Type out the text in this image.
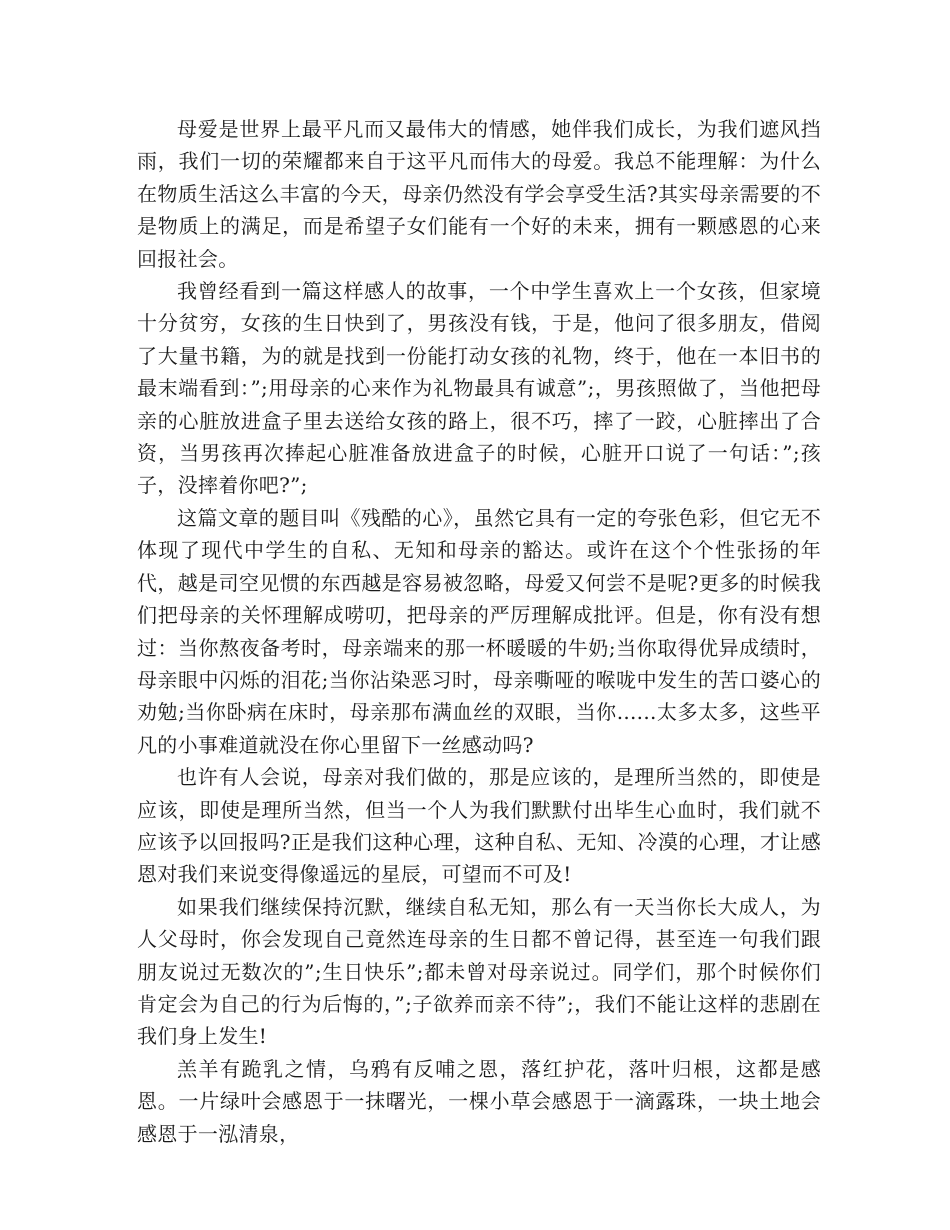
母爱是世界上最平凡而又最伟大的情感，她伴我们成长，为我们遮风挡雨，我们一切的荣耀都来自于这平凡而伟大的母爱。我总不能理解：为什么在物质生活这么丰富的今天，母亲仍然没有学会享受生活?其实母亲需要的不是物质上的满足，而是希望子女们能有一个好的未来，拥有一颗感恩的心来回报社会。

我曾经看到一篇这样感人的故事，一个中学生喜欢上一个女孩，但家境十分贫穷，女孩的生日快到了，男孩没有钱，于是，他问了很多朋友，借阅了大量书籍，为的就是找到一份能打动女孩的礼物，终于，他在一本旧书的最末端看到：”;用母亲的心来作为礼物最具有诚意”;，男孩照做了，当他把母亲的心脏放进盒子里去送给女孩的路上，很不巧，摔了一跤，心脏摔出了合资，当男孩再次捧起心脏准备放进盒子的时候，心脏开口说了一句话：”;孩子，没摔着你吧?”;

这篇文章的题目叫《残酷的心》，虽然它具有一定的夸张色彩，但它无不体现了现代中学生的自私、无知和母亲的豁达。或许在这个个性张扬的年代，越是司空见惯的东西越是容易被忽略，母爱又何尝不是呢?更多的时候我们把母亲的关怀理解成唠叨，把母亲的严厉理解成批评。但是，你有没有想过：当你熬夜备考时，母亲端来的那一杯暖暖的牛奶;当你取得优异成绩时，母亲眼中闪烁的泪花;当你沾染恶习时，母亲嘶哑的喉咙中发生的苦口婆心的劝勉;当你卧病在床时，母亲那布满血丝的双眼，当你......太多太多，这些平凡的小事难道就没在你心里留下一丝感动吗?

也许有人会说，母亲对我们做的，那是应该的，是理所当然的，即使是应该，即使是理所当然，但当一个人为我们默默付出毕生心血时，我们就不应该予以回报吗?正是我们这种心理，这种自私、无知、冷漠的心理，才让感恩对我们来说变得像遥远的星辰，可望而不可及!

如果我们继续保持沉默，继续自私无知，那么有一天当你长大成人，为人父母时，你会发现自己竟然连母亲的生日都不曾记得，甚至连一句我们跟朋友说过无数次的”;生日快乐”;都未曾对母亲说过。同学们，那个时候你们肯定会为自己的行为后悔的，”;子欲养而亲不待”;，我们不能让这样的悲剧在我们身上发生!

羔羊有跪乳之情，乌鸦有反哺之恩，落红护花，落叶归根，这都是感恩。一片绿叶会感恩于一抹曙光，一棵小草会感恩于一滴露珠，一块土地会感恩于一泓清泉，
